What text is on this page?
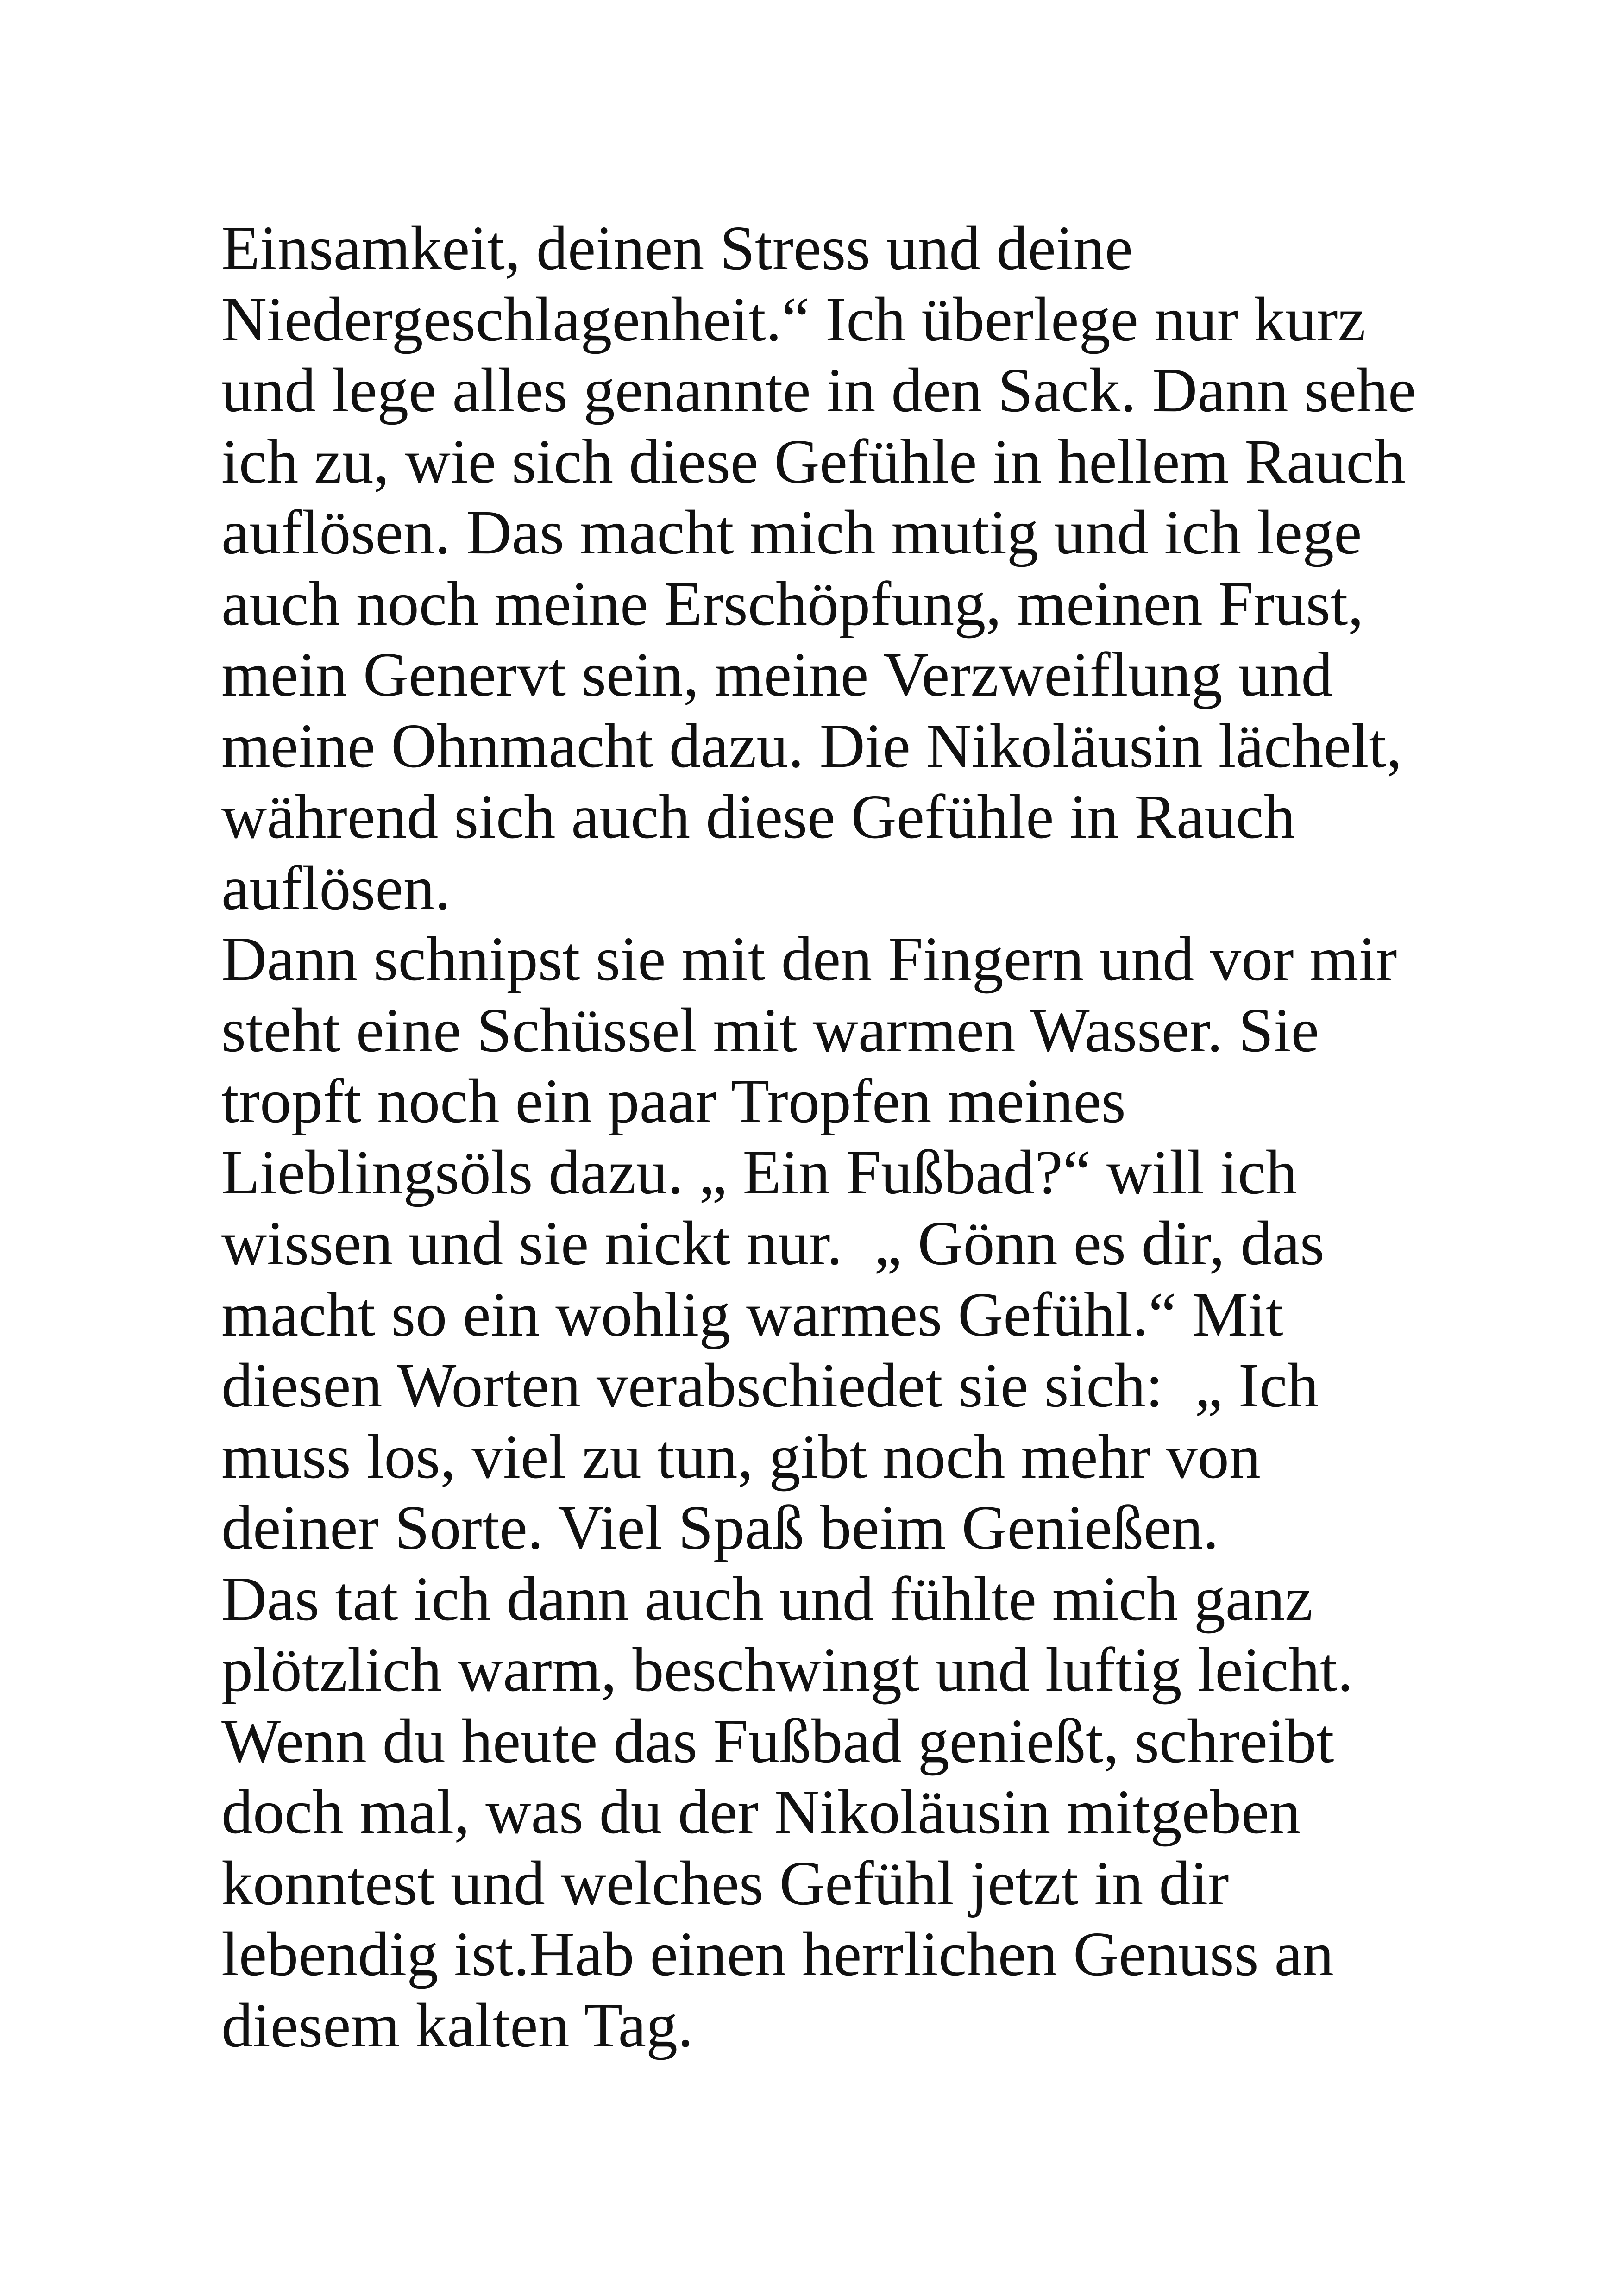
Einsamkeit, deinen Stress und deine
Niedergeschlagenheit.“ Ich überlege nur kurz
und lege alles genannte in den Sack. Dann sehe
ich zu, wie sich diese Gefühle in hellem Rauch
auflösen. Das macht mich mutig und ich lege
auch noch meine Erschöpfung, meinen Frust,
mein Genervt sein, meine Verzweiflung und
meine Ohnmacht dazu. Die Nikoläusin lächelt,
während sich auch diese Gefühle in Rauch
auflösen.
Dann schnipst sie mit den Fingern und vor mir
steht eine Schüssel mit warmen Wasser. Sie
tropft noch ein paar Tropfen meines
Lieblingsöls dazu. „ Ein Fußbad?“ will ich
wissen und sie nickt nur.  „ Gönn es dir, das
macht so ein wohlig warmes Gefühl.“ Mit
diesen Worten verabschiedet sie sich:  „ Ich
muss los, viel zu tun, gibt noch mehr von
deiner Sorte. Viel Spaß beim Genießen.
Das tat ich dann auch und fühlte mich ganz
plötzlich warm, beschwingt und luftig leicht.
Wenn du heute das Fußbad genießt, schreibt
doch mal, was du der Nikoläusin mitgeben
konntest und welches Gefühl jetzt in dir
lebendig ist.Hab einen herrlichen Genuss an
diesem kalten Tag.
